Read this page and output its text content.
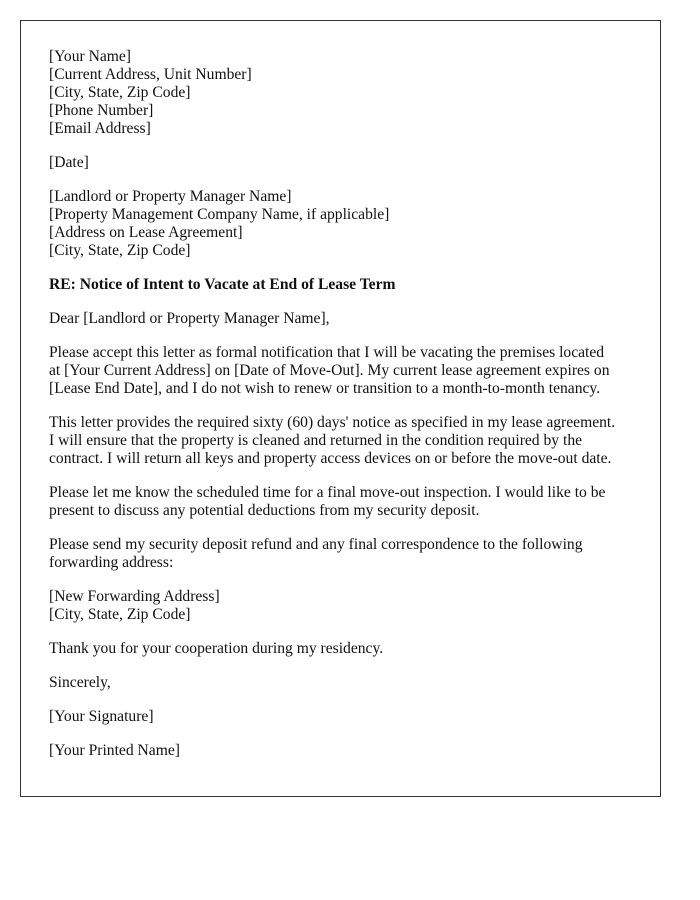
[Your Name]
[Current Address, Unit Number]
[City, State, Zip Code]
[Phone Number]
[Email Address]
[Date]
[Landlord or Property Manager Name]
[Property Management Company Name, if applicable]
[Address on Lease Agreement]
[City, State, Zip Code]
RE: Notice of Intent to Vacate at End of Lease Term
Dear [Landlord or Property Manager Name],
Please accept this letter as formal notification that I will be vacating the premises located
at [Your Current Address] on [Date of Move-Out]. My current lease agreement expires on
[Lease End Date], and I do not wish to renew or transition to a month-to-month tenancy.
This letter provides the required sixty (60) days' notice as specified in my lease agreement.
I will ensure that the property is cleaned and returned in the condition required by the
contract. I will return all keys and property access devices on or before the move-out date.
Please let me know the scheduled time for a final move-out inspection. I would like to be
present to discuss any potential deductions from my security deposit.
Please send my security deposit refund and any final correspondence to the following
forwarding address:
[New Forwarding Address]
[City, State, Zip Code]
Thank you for your cooperation during my residency.
Sincerely,
[Your Signature]
[Your Printed Name]
